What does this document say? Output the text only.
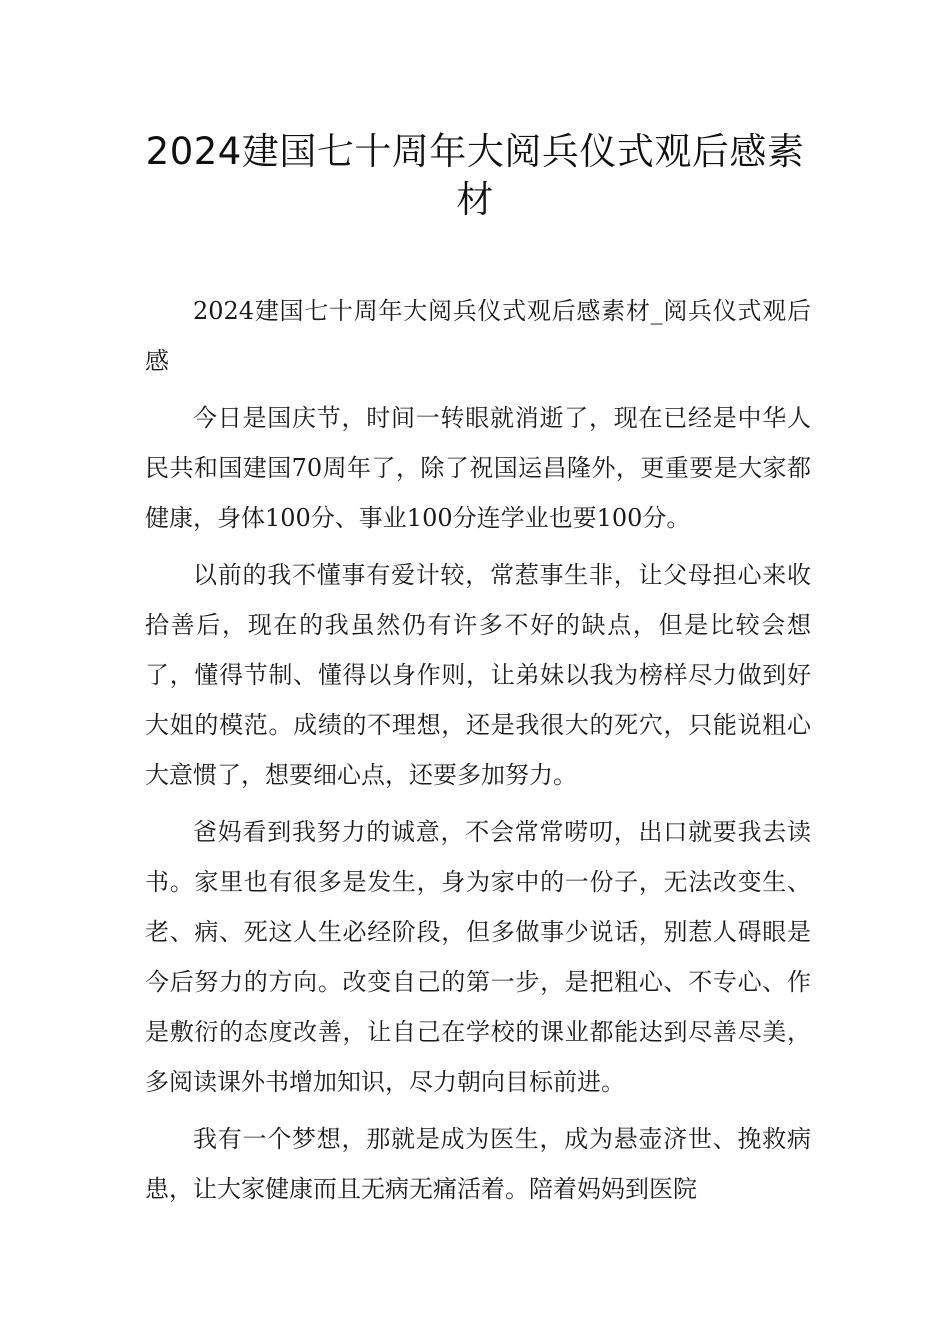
2024建国七十周年大阅兵仪式观后感素材

2024建国七十周年大阅兵仪式观后感素材_阅兵仪式观后感

今日是国庆节，时间一转眼就消逝了，现在已经是中华人民共和国建国70周年了，除了祝国运昌隆外，更重要是大家都健康，身体100分、事业100分连学业也要100分。

以前的我不懂事有爱计较，常惹事生非，让父母担心来收拾善后，现在的我虽然仍有许多不好的缺点，但是比较会想了，懂得节制、懂得以身作则，让弟妹以我为榜样尽力做到好大姐的模范。成绩的不理想，还是我很大的死穴，只能说粗心大意惯了，想要细心点，还要多加努力。

爸妈看到我努力的诚意，不会常常唠叨，出口就要我去读书。家里也有很多是发生，身为家中的一份子，无法改变生、老、病、死这人生必经阶段，但多做事少说话，别惹人碍眼是今后努力的方向。改变自己的第一步，是把粗心、不专心、作是敷衍的态度改善，让自己在学校的课业都能达到尽善尽美，多阅读课外书增加知识，尽力朝向目标前进。

我有一个梦想，那就是成为医生，成为悬壶济世、挽救病患，让大家健康而且无病无痛活着。陪着妈妈到医院
